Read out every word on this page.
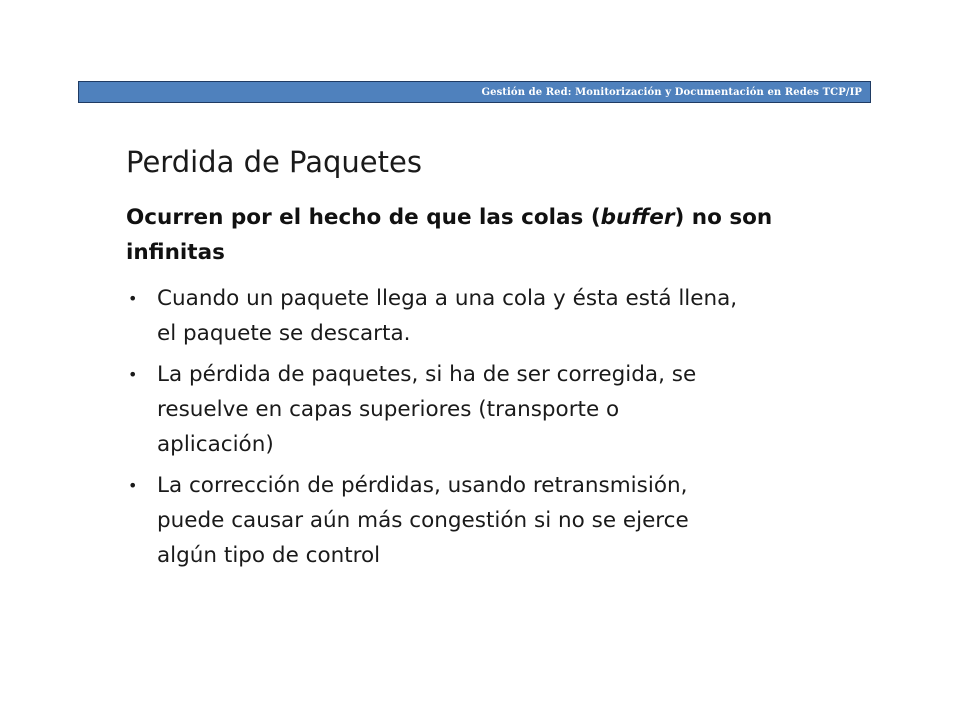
Gestión de Red: Monitorización y Documentación en Redes TCP/IP
Perdida de Paquetes
Ocurren por el hecho de que las colas (buffer) no son infinitas
• Cuando un paquete llega a una cola y ésta está llena,
el paquete se descarta.
• La pérdida de paquetes, si ha de ser corregida, se
resuelve en capas superiores (transporte o
aplicación)
• La corrección de pérdidas, usando retransmisión,
puede causar aún más congestión si no se ejerce
algún tipo de control
